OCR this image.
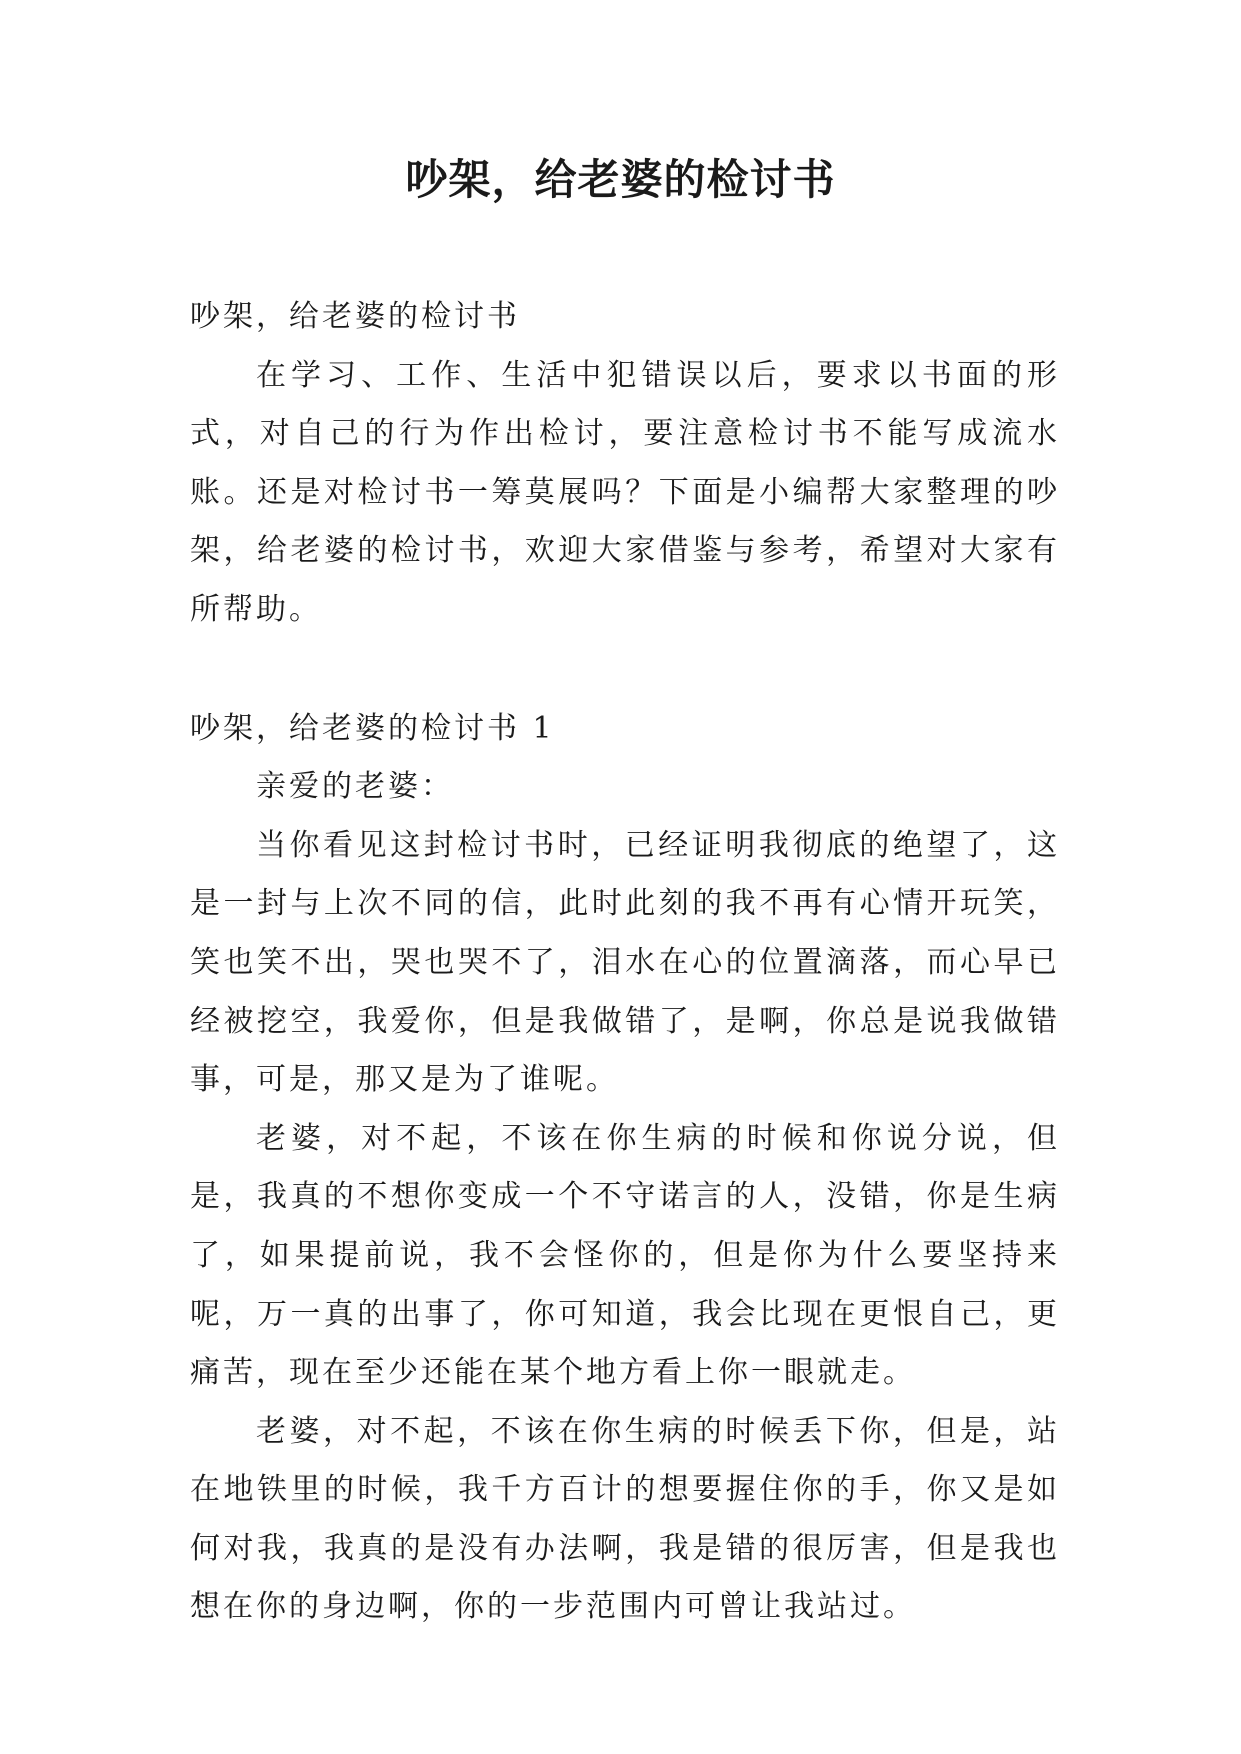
吵架，给老婆的检讨书

吵架，给老婆的检讨书

在学习、工作、生活中犯错误以后，要求以书面的形式，对自己的行为作出检讨，要注意检讨书不能写成流水账。还是对检讨书一筹莫展吗？下面是小编帮大家整理的吵架，给老婆的检讨书，欢迎大家借鉴与参考，希望对大家有所帮助。

吵架，给老婆的检讨书 1

亲爱的老婆：

当你看见这封检讨书时，已经证明我彻底的绝望了，这是一封与上次不同的信，此时此刻的我不再有心情开玩笑，笑也笑不出，哭也哭不了，泪水在心的位置滴落，而心早已经被挖空，我爱你，但是我做错了，是啊，你总是说我做错事，可是，那又是为了谁呢。

老婆，对不起，不该在你生病的时候和你说分说，但是，我真的不想你变成一个不守诺言的人，没错，你是生病了，如果提前说，我不会怪你的，但是你为什么要坚持来呢，万一真的出事了，你可知道，我会比现在更恨自己，更痛苦，现在至少还能在某个地方看上你一眼就走。

老婆，对不起，不该在你生病的时候丢下你，但是，站在地铁里的时候，我千方百计的想要握住你的手，你又是如何对我，我真的是没有办法啊，我是错的很厉害，但是我也想在你的身边啊，你的一步范围内可曾让我站过。
